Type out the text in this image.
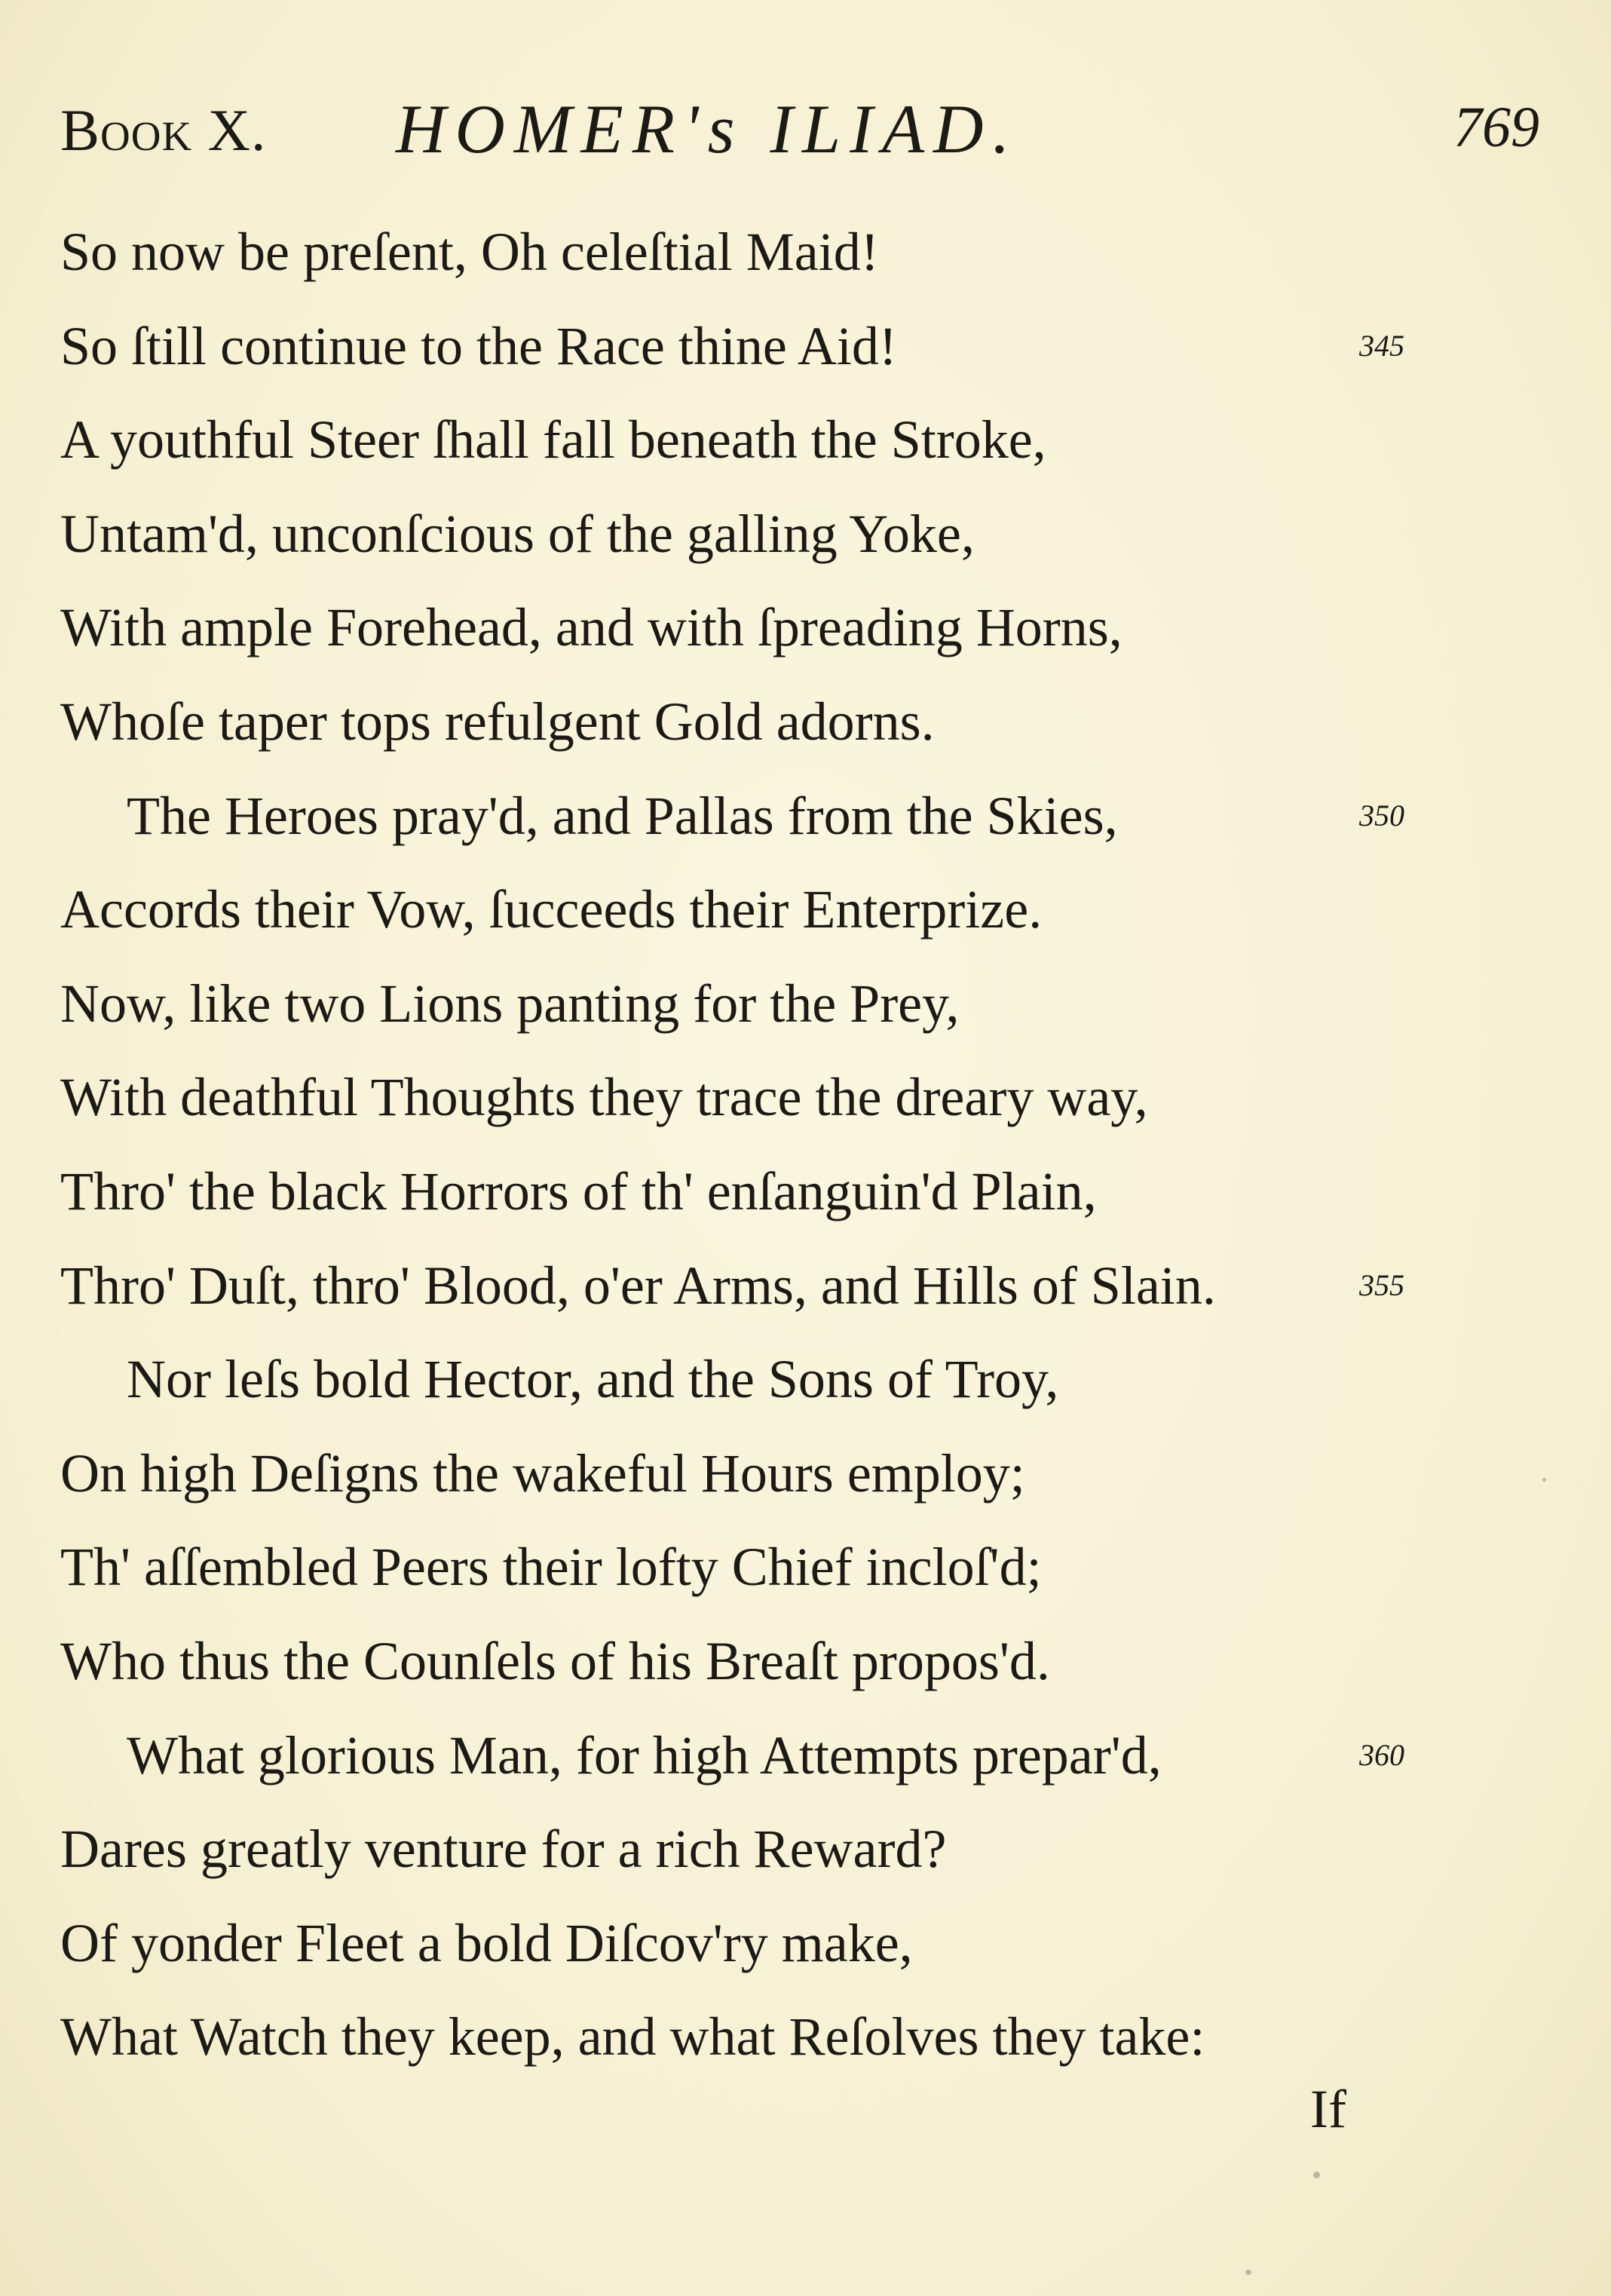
Book X. HOMER's ILIAD.	769
So now be preſent, Oh celeſtial Maid!
So ſtill continue to the Race thine Aid!	345
A youthful Steer ſhall fall beneath the Stroke,
Untam'd, unconſcious of the galling Yoke,
With ample Forehead, and with ſpreading Horns,
Whoſe taper tops refulgent Gold adorns.
The Heroes pray'd, and Pallas from the Skies,	350
Accords their Vow, ſucceeds their Enterprize.
Now, like two Lions panting for the Prey,
With deathful Thoughts they trace the dreary way,
Thro' the black Horrors of th' enſanguin'd Plain,
Thro' Duſt, thro' Blood, o'er Arms, and Hills of Slain.	355
Nor leſs bold Hector, and the Sons of Troy,
On high Deſigns the wakeful Hours employ;
Th' aſſembled Peers their lofty Chief incloſ'd;
Who thus the Counſels of his Breaſt propos'd.
What glorious Man, for high Attempts prepar'd,	360
Dares greatly venture for a rich Reward?
Of yonder Fleet a bold Diſcov'ry make,
What Watch they keep, and what Reſolves they take:
If
